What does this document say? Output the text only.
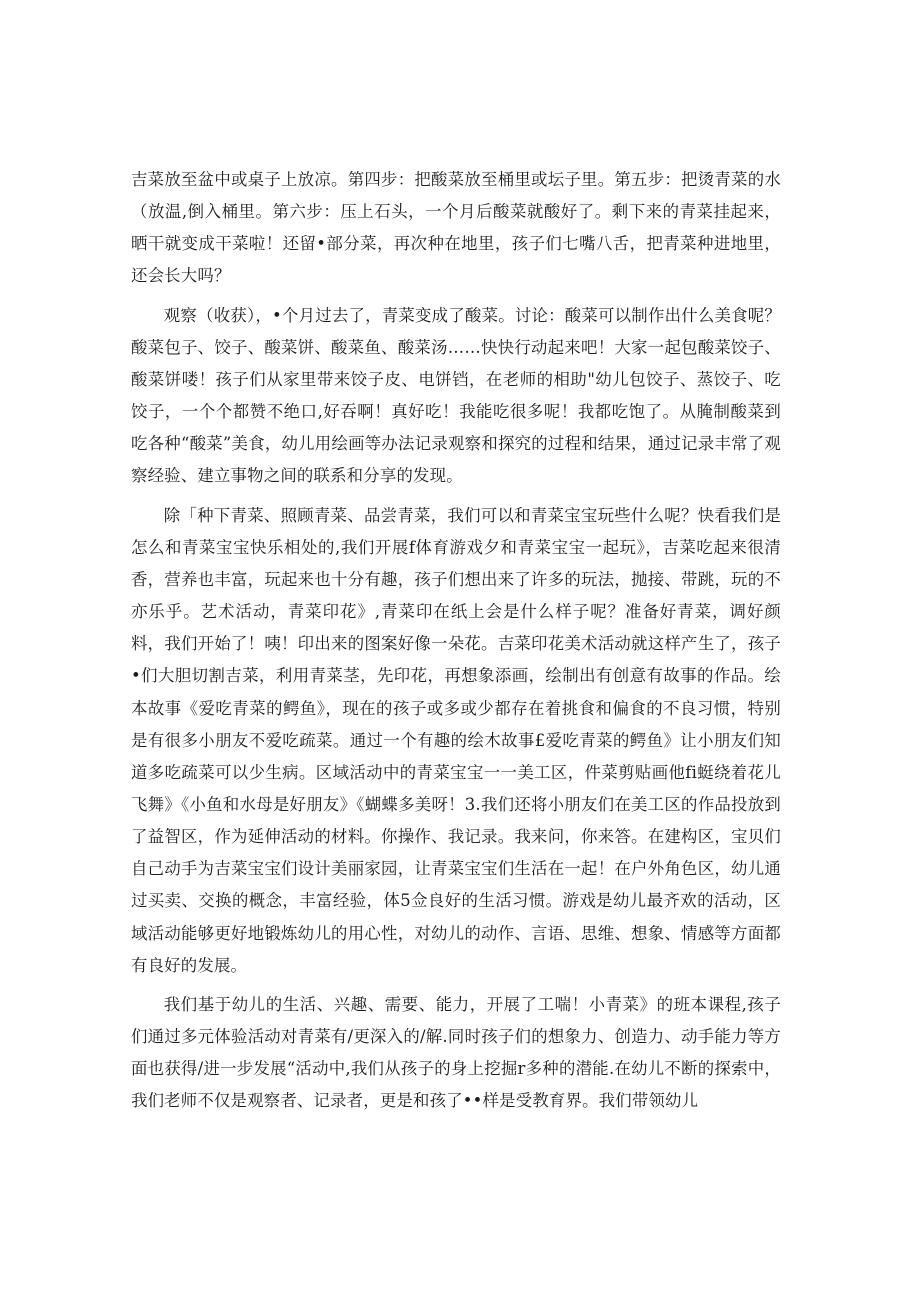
吉菜放至盆中或桌子上放凉。第四步：把酸菜放至桶里或坛子里。第五步：把烫青菜的水（放温,倒入桶里。第六步：压上石头，一个月后酸菜就酸好了。剩下来的青菜挂起来，晒干就变成干菜啦！还留•部分菜，再次种在地里，孩子们七嘴八舌，把青菜种进地里，还会长大吗？

观察（收获），•个月过去了，青菜变成了酸菜。讨论：酸菜可以制作出什么美食呢？酸菜包子、饺子、酸菜饼、酸菜鱼、酸菜汤……快快行动起来吧！大家一起包酸菜饺子、酸菜饼喽！孩子们从家里带来饺子皮、电饼铛，在老师的相助"幼儿包饺子、蒸饺子、吃饺子，一个个都赞不绝口,好吞啊！真好吃！我能吃很多呢！我都吃饱了。从腌制酸菜到吃各种“酸菜”美食，幼儿用绘画等办法记录观察和探究的过程和结果，通过记录丰常了观察经验、建立事物之间的联系和分享的发现。

除「种下青菜、照顾青菜、品尝青菜，我们可以和青菜宝宝玩些什么呢？快看我们是怎么和青菜宝宝快乐相处的,我们开展f体育游戏夕和青菜宝宝一起玩》，吉菜吃起来很清香，营养也丰富，玩起来也十分有趣，孩子们想出来了许多的玩法，抛接、带跳，玩的不亦乐乎。艺术活动，青菜印花》,青菜印在纸上会是什么样子呢？准备好青菜，调好颜料，我们开始了！咦！印出来的图案好像一朵花。吉菜印花美术活动就这样产生了，孩子•们大胆切割吉菜，利用青菜茎，先印花，再想象添画，绘制出有创意有故事的作品。绘本故事《爱吃青菜的鳄鱼》，现在的孩子或多或少都存在着挑食和偏食的不良习惯，特别是有很多小朋友不爱吃疏菜。通过一个有趣的绘木故事£爱吃青菜的鳄鱼》让小朋友们知道多吃疏菜可以少生病。区域活动中的青菜宝宝一一美工区，件菜剪贴画他fi蜓绕着花儿飞舞》《小鱼和水母是好朋友》《蝴蝶多美呀！3.我们还将小朋友们在美工区的作品投放到了益智区，作为延伸活动的材料。你操作、我记录。我来问，你来答。在建构区，宝贝们自己动手为吉菜宝宝们设计美丽家园，让青菜宝宝们生活在一起！在户外角色区，幼儿通过买卖、交换的概念，丰富经验，体5佥良好的生活习惯。游戏是幼儿最齐欢的活动，区域活动能够更好地锻炼幼儿的用心性，对幼儿的动作、言语、思维、想象、情感等方面都有良好的发展。

我们基于幼儿的生活、兴趣、需要、能力，开展了工喘！小青菜》的班本课程,孩子们通过多元体验活动对青菜有/更深入的/解.同时孩子们的想象力、创造力、动手能力等方面也获得/进一步发展“活动中,我们从孩子的身上挖掘r多种的潜能.在幼儿不断的探索中，我们老师不仅是观察者、记录者，更是和孩了••样是受教育界。我们带领幼儿
